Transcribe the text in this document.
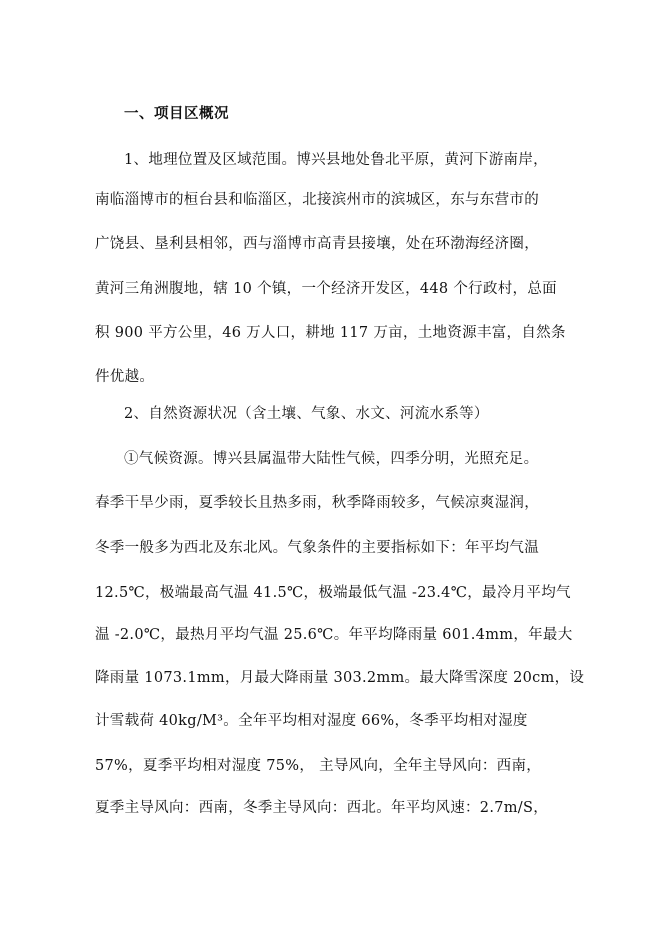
一、项目区概况
1、地理位置及区域范围。博兴县地处鲁北平原，黄河下游南岸，
南临淄博市的桓台县和临淄区，北接滨州市的滨城区，东与东营市的
广饶县、垦利县相邻，西与淄博市高青县接壤，处在环渤海经济圈，
黄河三角洲腹地，辖 10 个镇，一个经济开发区，448 个行政村，总面
积 900 平方公里，46 万人口，耕地 117 万亩，土地资源丰富，自然条
件优越。
2、自然资源状况（含土壤、气象、水文、河流水系等）
①气候资源。博兴县属温带大陆性气候，四季分明，光照充足。
春季干旱少雨，夏季较长且热多雨，秋季降雨较多，气候凉爽湿润，
冬季一般多为西北及东北风。气象条件的主要指标如下：年平均气温
12.5℃，极端最高气温 41.5℃，极端最低气温 -23.4℃，最冷月平均气
温 -2.0℃，最热月平均气温 25.6℃。年平均降雨量 601.4mm，年最大
降雨量 1073.1mm，月最大降雨量 303.2mm。最大降雪深度 20cm，设
计雪载荷 40kg/M³。全年平均相对湿度 66%，冬季平均相对湿度
57%，夏季平均相对湿度 75%， 主导风向，全年主导风向：西南，
夏季主导风向：西南，冬季主导风向：西北。年平均风速：2.7m/S，
